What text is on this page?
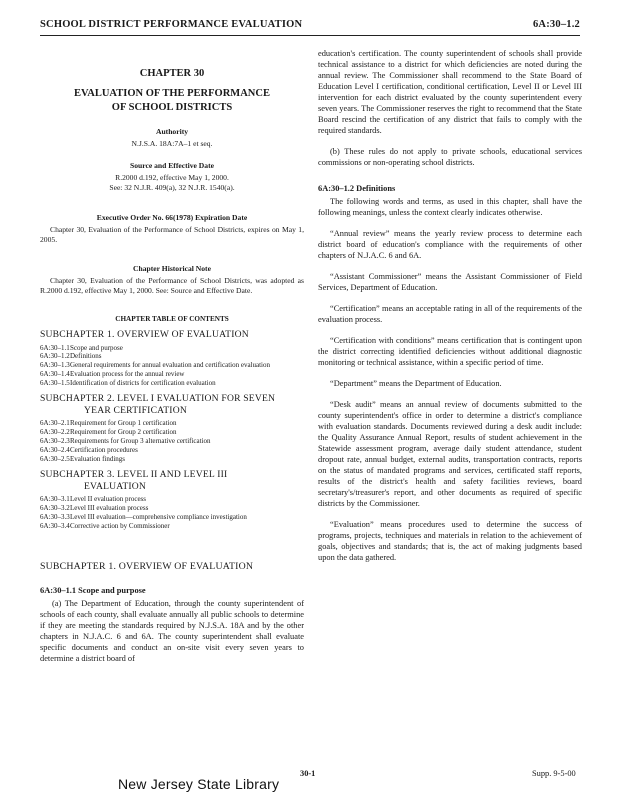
SCHOOL DISTRICT PERFORMANCE EVALUATION	6A:30–1.2

CHAPTER 30

EVALUATION OF THE PERFORMANCE
OF SCHOOL DISTRICTS

Authority

N.J.S.A. 18A:7A–1 et seq.

Source and Effective Date

R.2000 d.192, effective May 1, 2000.

See: 32 N.J.R. 409(a), 32 N.J.R. 1540(a).

Executive Order No. 66(1978) Expiration Date

Chapter 30, Evaluation of the Performance of School Districts, expires on May 1, 2005.

Chapter Historical Note

Chapter 30, Evaluation of the Performance of School Districts, was adopted as R.2000 d.192, effective May 1, 2000. See: Source and Effective Date.

CHAPTER TABLE OF CONTENTS

SUBCHAPTER 1. OVERVIEW OF EVALUATION

6A:30–1.1 Scope and purpose
6A:30–1.2 Definitions
6A:30–1.3 General requirements for annual evaluation and certification evaluation
6A:30–1.4 Evaluation process for the annual review
6A:30–1.5 Identification of districts for certification evaluation

SUBCHAPTER 2. LEVEL I EVALUATION FOR SEVEN
YEAR CERTIFICATION

6A:30–2.1 Requirement for Group 1 certification
6A:30–2.2 Requirement for Group 2 certification
6A:30–2.3 Requirements for Group 3 alternative certification
6A:30–2.4 Certification procedures
6A:30–2.5 Evaluation findings

SUBCHAPTER 3. LEVEL II AND LEVEL III
EVALUATION

6A:30–3.1 Level II evaluation process
6A:30–3.2 Level III evaluation process
6A:30–3.3 Level III evaluation—comprehensive compliance investigation
6A:30–3.4 Corrective action by Commissioner

SUBCHAPTER 1. OVERVIEW OF EVALUATION

6A:30–1.1 Scope and purpose

(a) The Department of Education, through the county superintendent of schools of each county, shall evaluate annually all public schools to determine if they are meeting the standards required by N.J.S.A. 18A and by the other chapters in N.J.A.C. 6 and 6A. The county superintendent shall evaluate specific documents and conduct an on-site visit every seven years to determine a district board of

education's certification. The county superintendent of schools shall provide technical assistance to a district for which deficiencies are noted during the annual review. The Commissioner shall recommend to the State Board of Education Level I certification, conditional certification, Level II or Level III intervention for each district evaluated by the county superintendent every seven years. The Commissioner reserves the right to recommend that the State Board rescind the certification of any district that fails to comply with the required standards.

(b) These rules do not apply to private schools, educational services commissions or non-operating school districts.

6A:30–1.2 Definitions

The following words and terms, as used in this chapter, shall have the following meanings, unless the context clearly indicates otherwise.

“Annual review” means the yearly review process to determine each district board of education's compliance with the requirements of other chapters of N.J.A.C. 6 and 6A.

“Assistant Commissioner” means the Assistant Commissioner of Field Services, Department of Education.

“Certification” means an acceptable rating in all of the requirements of the evaluation process.

“Certification with conditions” means certification that is contingent upon the district correcting identified deficiencies without additional diagnostic monitoring or technical assistance, within a specific period of time.

“Department” means the Department of Education.

“Desk audit” means an annual review of documents submitted to the county superintendent's office in order to determine a district's compliance with evaluation standards. Documents reviewed during a desk audit include: the Quality Assurance Annual Report, results of student achievement in the Statewide assessment program, average daily student attendance, student dropout rate, annual budget, external audits, transportation contracts, reports on the status of mandated programs and services, certificated staff reports, results of the district's health and safety facilities reviews, board secretary's/treasurer's report, and other documents as required of specific districts by the Commissioner.

“Evaluation” means procedures used to determine the success of programs, projects, techniques and materials in relation to the achievement of goals, objectives and standards; that is, the act of making judgments based upon the data gathered.

30-1	Supp. 9-5-00
New Jersey State Library
